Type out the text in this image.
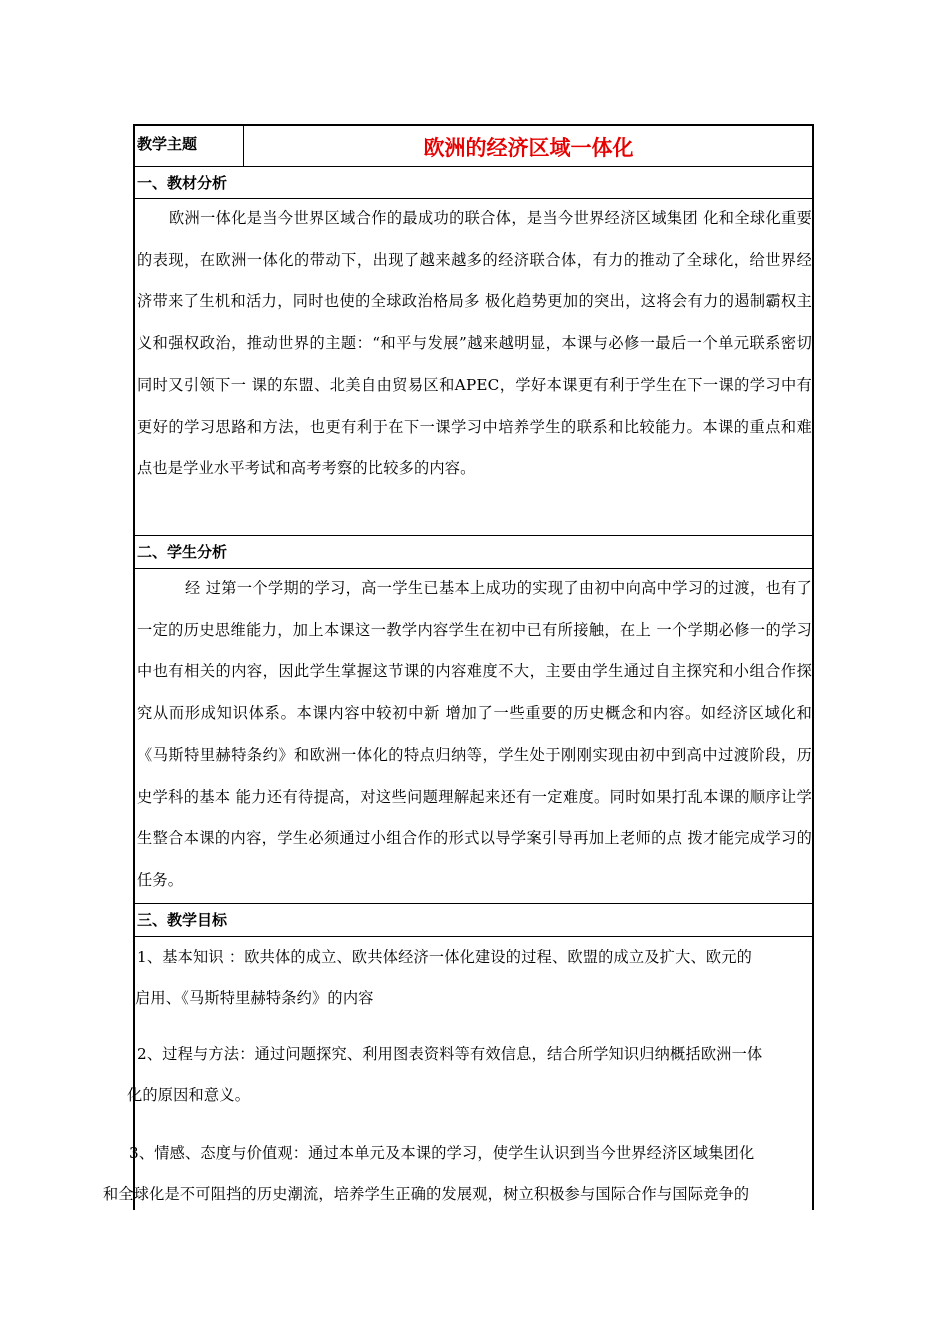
教学主题	欧洲的经济区域一体化
一、教材分析

欧洲一体化是当今世界区域合作的最成功的联合体，是当今世界经济区域集团 化和全球化重要的表现，在欧洲一体化的带动下，出现了越来越多的经济联合体，有力的推动了全球化，给世界经济带来了生机和活力，同时也使的全球政治格局多 极化趋势更加的突出，这将会有力的遏制霸权主义和强权政治，推动世界的主题：“和平与发展”越来越明显，本课与必修一最后一个单元联系密切同时又引领下一 课的东盟、北美自由贸易区和APEC，学好本课更有利于学生在下一课的学习中有更好的学习思路和方法，也更有利于在下一课学习中培养学生的联系和比较能力。本课的重点和难点也是学业水平考试和高考考察的比较多的内容。

二、学生分析

经 过第一个学期的学习，高一学生已基本上成功的实现了由初中向高中学习的过渡，也有了一定的历史思维能力，加上本课这一教学内容学生在初中已有所接触，在上 一个学期必修一的学习中也有相关的内容，因此学生掌握这节课的内容难度不大，主要由学生通过自主探究和小组合作探究从而形成知识体系。本课内容中较初中新 增加了一些重要的历史概念和内容。如经济区域化和《马斯特里赫特条约》和欧洲一体化的特点归纳等，学生处于刚刚实现由初中到高中过渡阶段，历史学科的基本 能力还有待提高，对这些问题理解起来还有一定难度。同时如果打乱本课的顺序让学生整合本课的内容，学生必须通过小组合作的形式以导学案引导再加上老师的点 拨才能完成学习的任务。

三、教学目标

1、基本知识 ：欧共体的成立、欧共体经济一体化建设的过程、欧盟的成立及扩大、欧元的

启用、《马斯特里赫特条约》的内容

2、过程与方法：通过问题探究、利用图表资料等有效信息，结合所学知识归纳概括欧洲一体

化的原因和意义。

3、情感、态度与价值观：通过本单元及本课的学习，使学生认识到当今世界经济区域集团化

和全球化是不可阻挡的历史潮流，培养学生正确的发展观，树立积极参与国际合作与国际竞争的
